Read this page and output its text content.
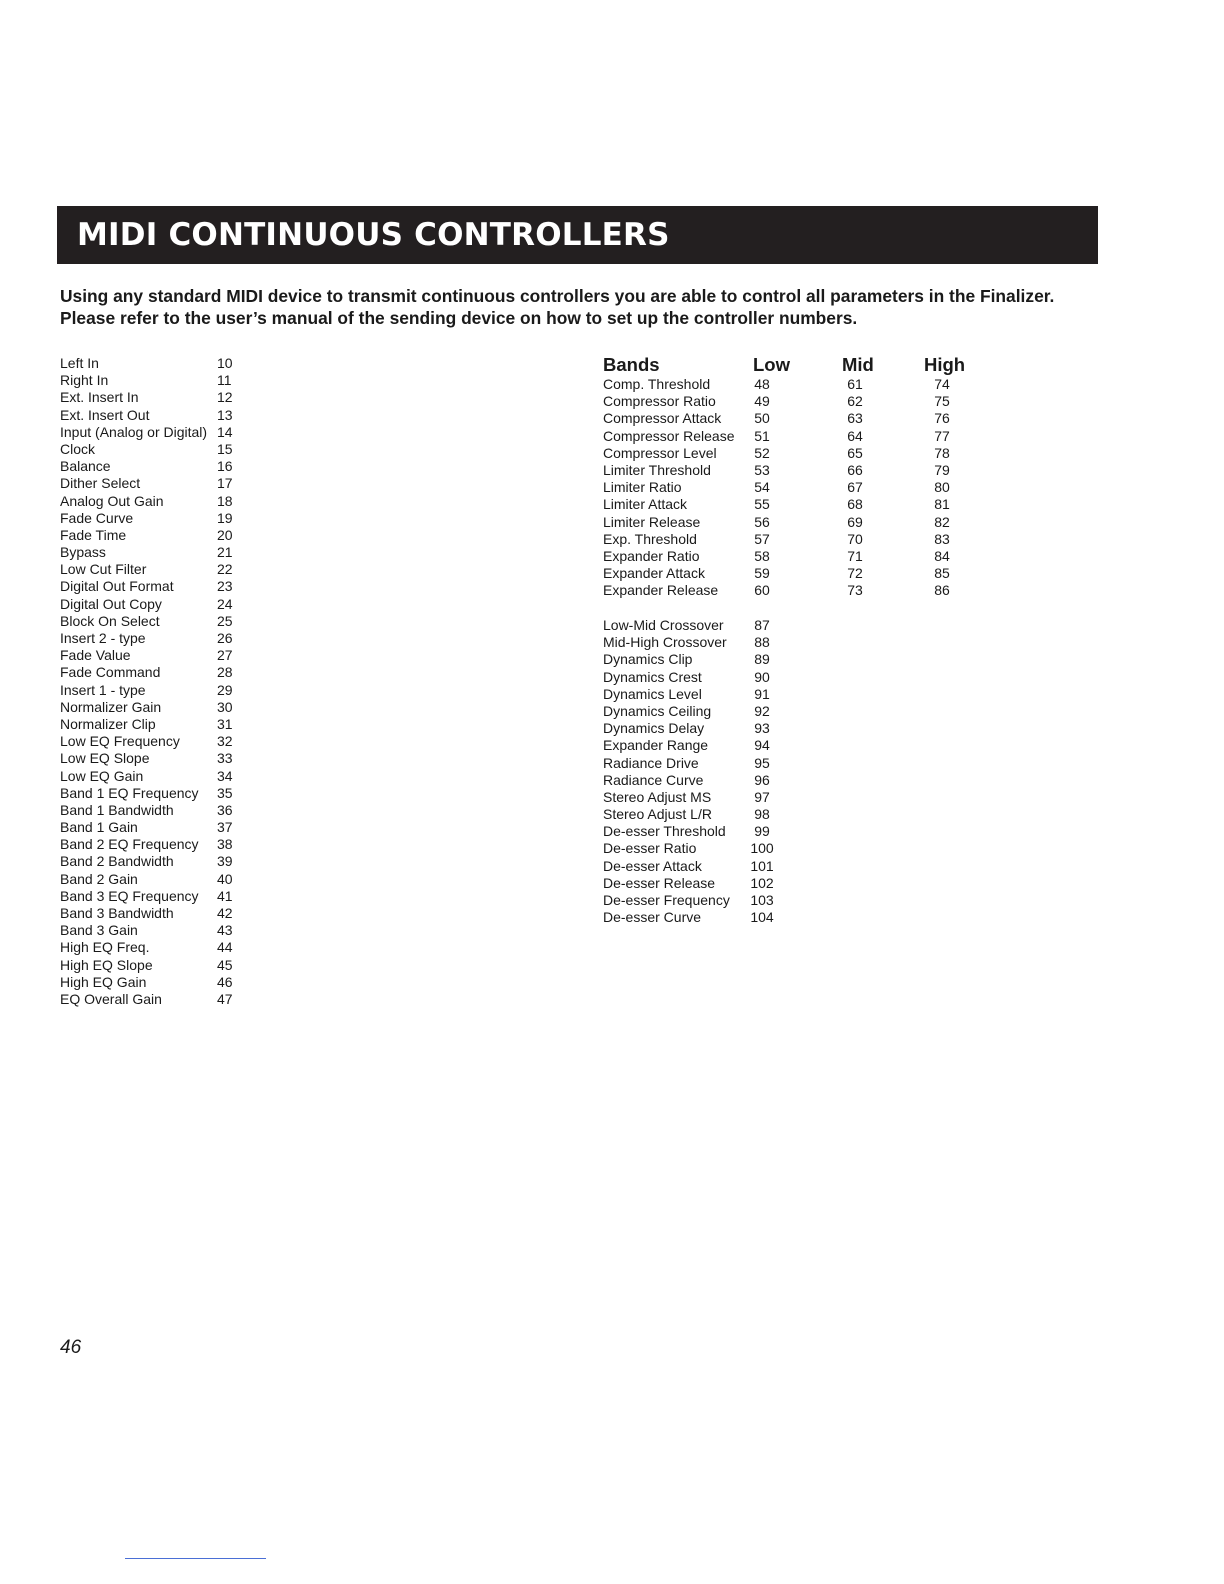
MIDI CONTINUOUS CONTROLLERS

Using any standard MIDI device to transmit continuous controllers you are able to control all parameters in the Finalizer. Please refer to the user’s manual of the sending device on how to set up the controller numbers.

Left In	10
Right In	11
Ext. Insert In	12
Ext. Insert Out	13
Input (Analog or Digital) 14
Clock	15
Balance	16
Dither Select	17
Analog Out Gain	18
Fade Curve	19
Fade Time	20
Bypass	21
Low Cut Filter	22
Digital Out Format	23
Digital Out Copy	24
Block On Select	25
Insert 2 - type	26
Fade Value	27
Fade Command	28
Insert 1 - type	29
Normalizer Gain	30
Normalizer Clip	31
Low EQ Frequency	32
Low EQ Slope	33
Low EQ Gain	34
Band 1 EQ Frequency 35
Band 1 Bandwidth	36
Band 1 Gain	37
Band 2 EQ Frequency 38
Band 2 Bandwidth	39
Band 2 Gain	40
Band 3 EQ Frequency 41
Band 3 Bandwidth	42
Band 3 Gain	43
High EQ Freq.	44
High EQ Slope	45
High EQ Gain	46
EQ Overall Gain	47
Bands	Low	Mid	High
Comp. Threshold	48	61	74
Compressor Ratio	49	62	75
Compressor Attack	50	63	76
Compressor Release	51	64	77
Compressor Level	52	65	78
Limiter Threshold	53	66	79
Limiter Ratio	54	67	80
Limiter Attack	55	68	81
Limiter Release	56	69	82
Exp. Threshold	57	70	83
Expander Ratio	58	71	84
Expander Attack	59	72	85
Expander Release	60	73	86
Low-Mid Crossover	87
Mid-High Crossover	88
Dynamics Clip	89
Dynamics Crest	90
Dynamics Level	91
Dynamics Ceiling	92
Dynamics Delay	93
Expander Range	94
Radiance Drive	95
Radiance Curve	96
Stereo Adjust MS	97
Stereo Adjust L/R	98
De-esser Threshold	99
De-esser Ratio	100
De-esser Attack	101
De-esser Release	102
De-esser Frequency 103
De-esser Curve	104
46
